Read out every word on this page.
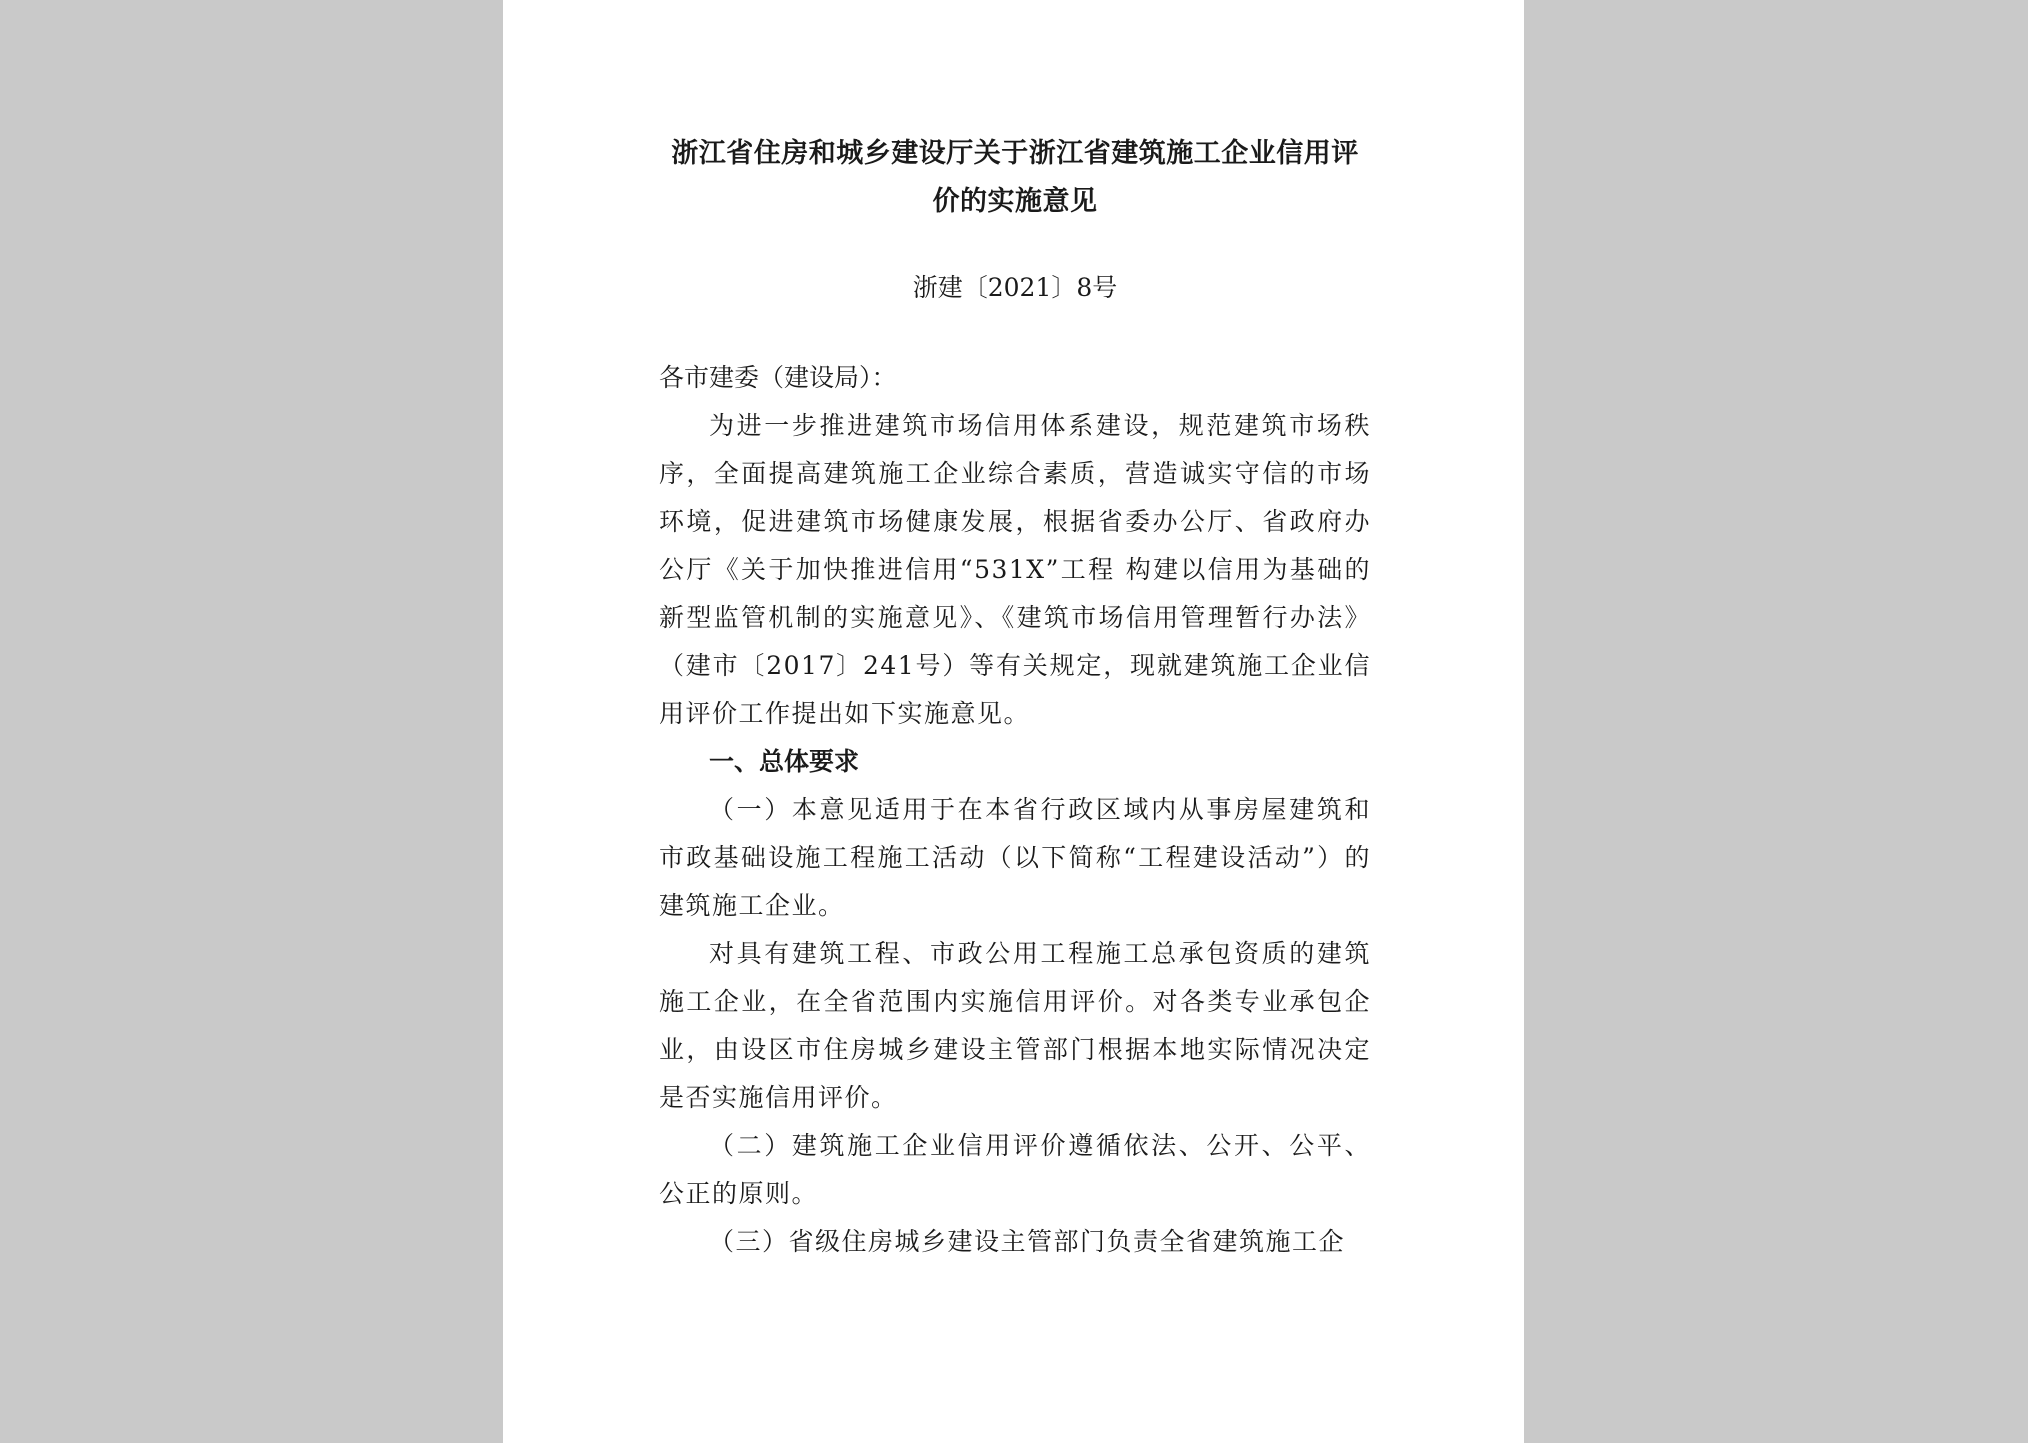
浙江省住房和城乡建设厅关于浙江省建筑施工企业信用评
价的实施意见
浙建〔2021〕8号
各市建委（建设局）：

为进一步推进建筑市场信用体系建设，规范建筑市场秩序，全面提高建筑施工企业综合素质，营造诚实守信的市场环境，促进建筑市场健康发展，根据省委办公厅、省政府办公厅《关于加快推进信用“531X”工程 构建以信用为基础的新型监管机制的实施意见》、《建筑市场信用管理暂行办法》（建市〔2017〕241号）等有关规定，现就建筑施工企业信用评价工作提出如下实施意见。

一、总体要求

（一）本意见适用于在本省行政区域内从事房屋建筑和市政基础设施工程施工活动（以下简称“工程建设活动”）的建筑施工企业。

对具有建筑工程、市政公用工程施工总承包资质的建筑施工企业，在全省范围内实施信用评价。对各类专业承包企业，由设区市住房城乡建设主管部门根据本地实际情况决定是否实施信用评价。

（二）建筑施工企业信用评价遵循依法、公开、公平、公正的原则。

（三）省级住房城乡建设主管部门负责全省建筑施工企
